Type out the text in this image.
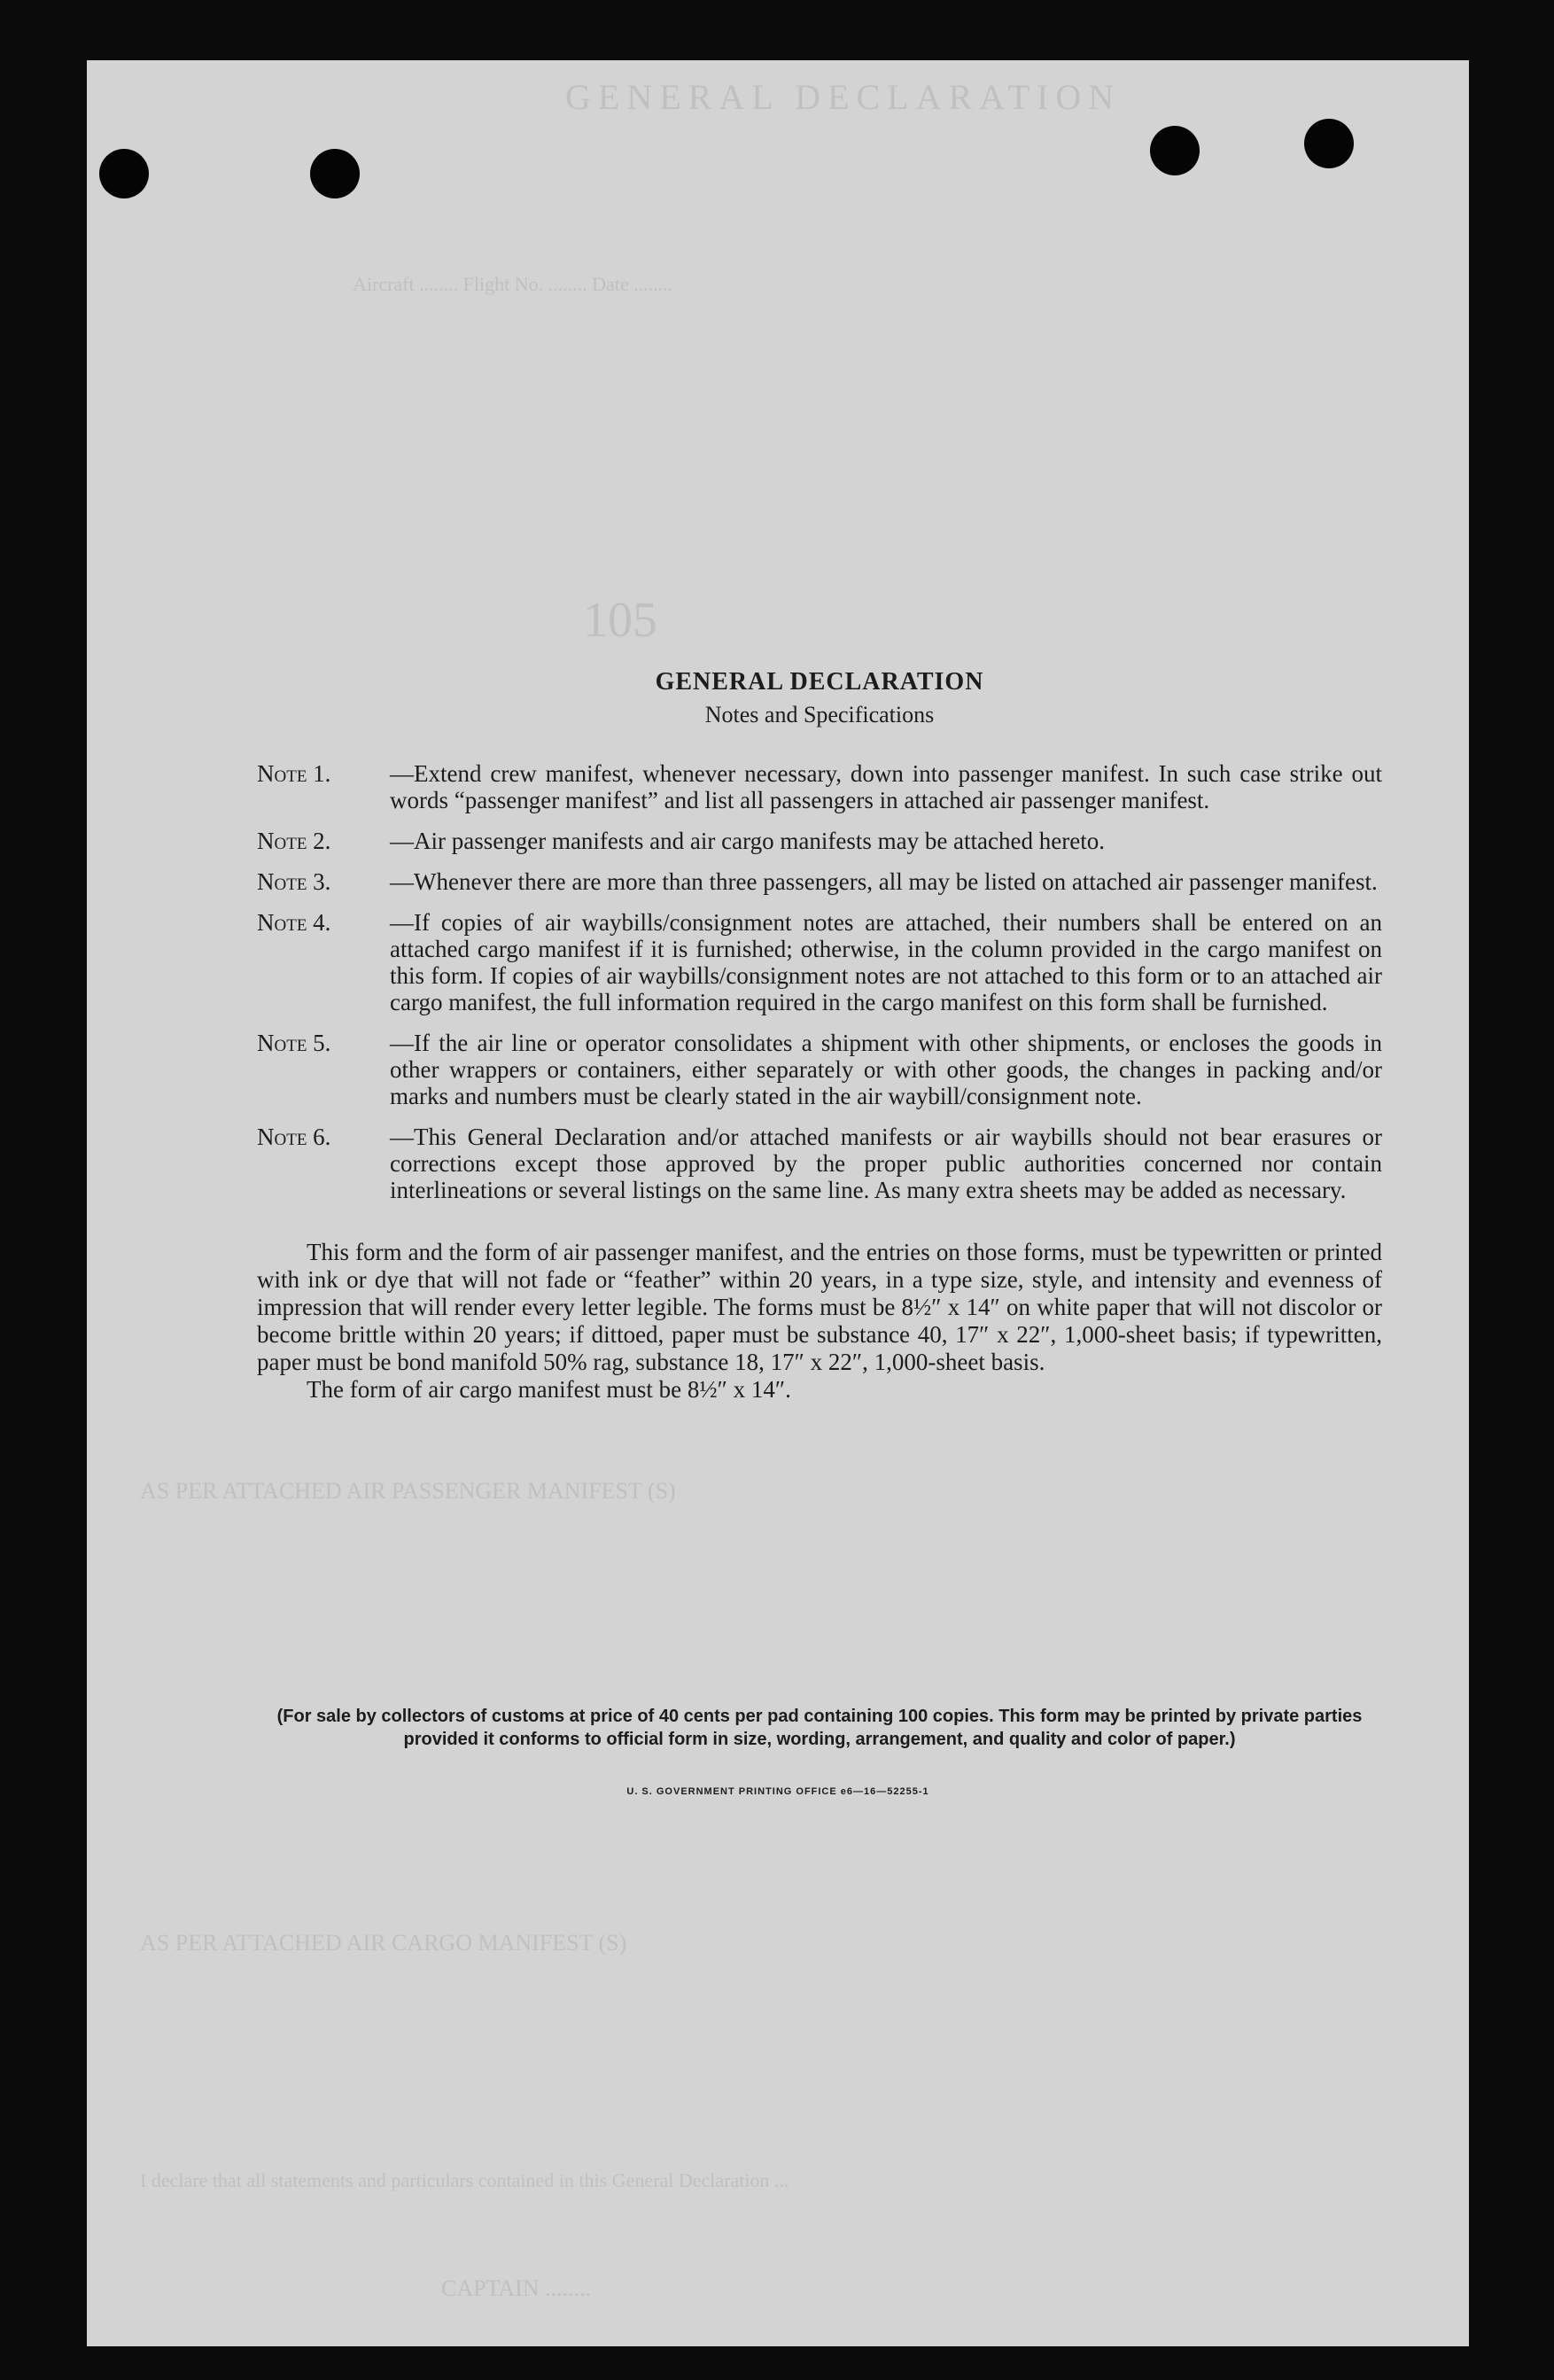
GENERAL DECLARATION
Aircraft ........ Flight No. ........ Date ........
105
AS PER ATTACHED AIR PASSENGER MANIFEST (S)
AS PER ATTACHED AIR CARGO MANIFEST (S)
I declare that all statements and particulars contained in this General Declaration ...
CAPTAIN ........
GENERAL DECLARATION
Notes and Specifications
Note 1.	—Extend crew manifest, whenever necessary, down into passenger manifest. In such case strike out words “passenger manifest” and list all passengers in attached air passenger manifest.
Note 2.	—Air passenger manifests and air cargo manifests may be attached hereto.
Note 3.	—Whenever there are more than three passengers, all may be listed on attached air passenger manifest.
Note 4.	—If copies of air waybills/consignment notes are attached, their numbers shall be entered on an attached cargo manifest if it is furnished; otherwise, in the column provided in the cargo manifest on this form. If copies of air waybills/consignment notes are not attached to this form or to an attached air cargo manifest, the full information required in the cargo manifest on this form shall be furnished.
Note 5.	—If the air line or operator consolidates a shipment with other shipments, or encloses the goods in other wrappers or containers, either separately or with other goods, the changes in packing and/or marks and numbers must be clearly stated in the air waybill/consignment note.
Note 6.	—This General Declaration and/or attached manifests or air waybills should not bear erasures or corrections except those approved by the proper public authorities concerned nor contain interlineations or several listings on the same line. As many extra sheets may be added as necessary.

This form and the form of air passenger manifest, and the entries on those forms, must be typewritten or printed with ink or dye that will not fade or “feather” within 20 years, in a type size, style, and intensity and evenness of impression that will render every letter legible. The forms must be 8½″ x 14″ on white paper that will not discolor or become brittle within 20 years; if dittoed, paper must be substance 40, 17″ x 22″, 1,000-sheet basis; if typewritten, paper must be bond manifold 50% rag, substance 18, 17″ x 22″, 1,000-sheet basis.

The form of air cargo manifest must be 8½″ x 14″.

(For sale by collectors of customs at price of 40 cents per pad containing 100 copies. This form may be printed by private parties provided it conforms to official form in size, wording, arrangement, and quality and color of paper.)
U. S. GOVERNMENT PRINTING OFFICE e6—16—52255-1
